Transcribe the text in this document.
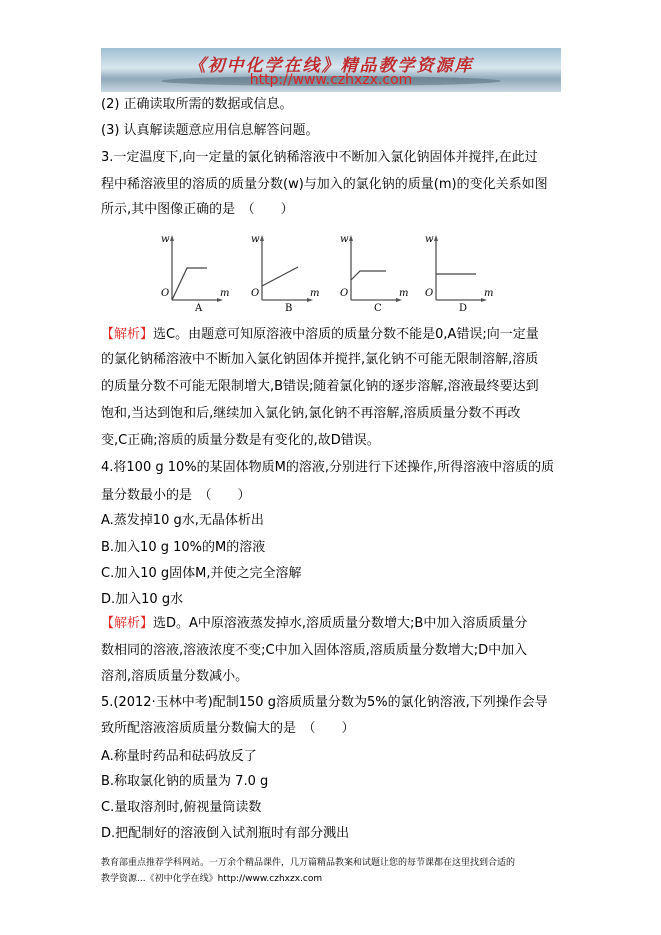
《初中化学在线》精品教学资源库
http://www.czhxzx.com
(2) 正确读取所需的数据或信息。
(3) 认真解读题意应用信息解答问题。
3.一定温度下,向一定量的氯化钠稀溶液中不断加入氯化钠固体并搅拌,在此过
程中稀溶液里的溶质的质量分数(w)与加入的氯化钠的质量(m)的变化关系如图
所示,其中图像正确的是　（　　）
w
m
O
A
w
m
O
B
w
m
O
C
w
m
O
D
【解析】选C。由题意可知原溶液中溶质的质量分数不能是0,A错误;向一定量
的氯化钠稀溶液中不断加入氯化钠固体并搅拌,氯化钠不可能无限制溶解,溶质
的质量分数不可能无限制增大,B错误;随着氯化钠的逐步溶解,溶液最终要达到
饱和,当达到饱和后,继续加入氯化钠,氯化钠不再溶解,溶质质量分数不再改
变,C正确;溶质的质量分数是有变化的,故D错误。
4.将100 g 10%的某固体物质M的溶液,分别进行下述操作,所得溶液中溶质的质
量分数最小的是　（　　）
A.蒸发掉10 g水,无晶体析出
B.加入10 g 10%的M的溶液
C.加入10 g固体M,并使之完全溶解
D.加入10 g水
【解析】选D。A中原溶液蒸发掉水,溶质质量分数增大;B中加入溶质质量分
数相同的溶液,溶液浓度不变;C中加入固体溶质,溶质质量分数增大;D中加入
溶剂,溶质质量分数减小。
5.(2012·玉林中考)配制150 g溶质质量分数为5%的氯化钠溶液,下列操作会导
致所配溶液溶质质量分数偏大的是　（　　）
A.称量时药品和砝码放反了
B.称取氯化钠的质量为 7.0 g
C.量取溶剂时,俯视量筒读数
D.把配制好的溶液倒入试剂瓶时有部分溅出
教育部重点推荐学科网站。一万余个精品课件，几万篇精品教案和试题让您的每节课都在这里找到合适的
教学资源...《初中化学在线》http://www.czhxzx.com
